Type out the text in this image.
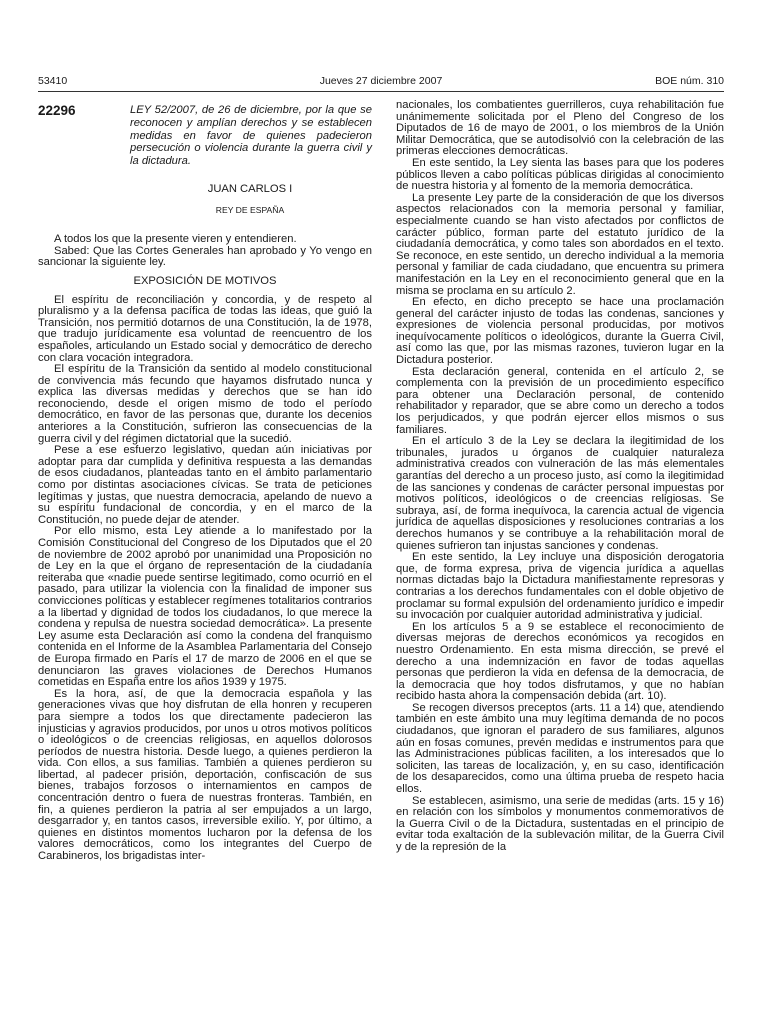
53410	Jueves 27 diciembre 2007	BOE núm. 310
22296	LEY 52/2007, de 26 de diciembre, por la que se reconocen y amplían derechos y se establecen medidas en favor de quienes padecieron persecución o violencia durante la guerra civil y la dictadura.
JUAN CARLOS I
REY DE ESPAÑA

A todos los que la presente vieren y entendieren.

Sabed: Que las Cortes Generales han aprobado y Yo vengo en sancionar la siguiente ley.

EXPOSICIÓN DE MOTIVOS

El espíritu de reconciliación y concordia, y de respeto al pluralismo y a la defensa pacífica de todas las ideas, que guió la Transición, nos permitió dotarnos de una Constitución, la de 1978, que tradujo jurídicamente esa voluntad de reencuentro de los españoles, articulando un Estado social y democrático de derecho con clara vocación integradora.

El espíritu de la Transición da sentido al modelo constitucional de convivencia más fecundo que hayamos disfrutado nunca y explica las diversas medidas y derechos que se han ido reconociendo, desde el origen mismo de todo el período democrático, en favor de las personas que, durante los decenios anteriores a la Constitución, sufrieron las consecuencias de la guerra civil y del régimen dictatorial que la sucedió.

Pese a ese esfuerzo legislativo, quedan aún iniciativas por adoptar para dar cumplida y definitiva respuesta a las demandas de esos ciudadanos, planteadas tanto en el ámbito parlamentario como por distintas asociaciones cívicas. Se trata de peticiones legítimas y justas, que nuestra democracia, apelando de nuevo a su espíritu fundacional de concordia, y en el marco de la Constitución, no puede dejar de atender.

Por ello mismo, esta Ley atiende a lo manifestado por la Comisión Constitucional del Congreso de los Diputados que el 20 de noviembre de 2002 aprobó por unanimidad una Proposición no de Ley en la que el órgano de representación de la ciudadanía reiteraba que «nadie puede sentirse legitimado, como ocurrió en el pasado, para utilizar la violencia con la finalidad de imponer sus convicciones políticas y establecer regímenes totalitarios contrarios a la libertad y dignidad de todos los ciudadanos, lo que merece la condena y repulsa de nuestra sociedad democrática». La presente Ley asume esta Declaración así como la condena del franquismo contenida en el Informe de la Asamblea Parlamentaria del Consejo de Europa firmado en París el 17 de marzo de 2006 en el que se denunciaron las graves violaciones de Derechos Humanos cometidas en España entre los años 1939 y 1975.

Es la hora, así, de que la democracia española y las generaciones vivas que hoy disfrutan de ella honren y recuperen para siempre a todos los que directamente padecieron las injusticias y agravios producidos, por unos u otros motivos políticos o ideológicos o de creencias religiosas, en aquellos dolorosos períodos de nuestra historia. Desde luego, a quienes perdieron la vida. Con ellos, a sus familias. También a quienes perdieron su libertad, al padecer prisión, deportación, confiscación de sus bienes, trabajos forzosos o internamientos en campos de concentración dentro o fuera de nuestras fronteras. También, en fin, a quienes perdieron la patria al ser empujados a un largo, desgarrador y, en tantos casos, irreversible exilio. Y, por último, a quienes en distintos momentos lucharon por la defensa de los valores democráticos, como los integrantes del Cuerpo de Carabineros, los brigadistas inter-

nacionales, los combatientes guerrilleros, cuya rehabilitación fue unánimemente solicitada por el Pleno del Congreso de los Diputados de 16 de mayo de 2001, o los miembros de la Unión Militar Democrática, que se autodisolvió con la celebración de las primeras elecciones democráticas.

En este sentido, la Ley sienta las bases para que los poderes públicos lleven a cabo políticas públicas dirigidas al conocimiento de nuestra historia y al fomento de la memoria democrática.

La presente Ley parte de la consideración de que los diversos aspectos relacionados con la memoria personal y familiar, especialmente cuando se han visto afectados por conflictos de carácter público, forman parte del estatuto jurídico de la ciudadanía democrática, y como tales son abordados en el texto. Se reconoce, en este sentido, un derecho individual a la memoria personal y familiar de cada ciudadano, que encuentra su primera manifestación en la Ley en el reconocimiento general que en la misma se proclama en su artículo 2.

En efecto, en dicho precepto se hace una proclamación general del carácter injusto de todas las condenas, sanciones y expresiones de violencia personal producidas, por motivos inequívocamente políticos o ideológicos, durante la Guerra Civil, así como las que, por las mismas razones, tuvieron lugar en la Dictadura posterior.

Esta declaración general, contenida en el artículo 2, se complementa con la previsión de un procedimiento específico para obtener una Declaración personal, de contenido rehabilitador y reparador, que se abre como un derecho a todos los perjudicados, y que podrán ejercer ellos mismos o sus familiares.

En el artículo 3 de la Ley se declara la ilegitimidad de los tribunales, jurados u órganos de cualquier naturaleza administrativa creados con vulneración de las más elementales garantías del derecho a un proceso justo, así como la ilegitimidad de las sanciones y condenas de carácter personal impuestas por motivos políticos, ideológicos o de creencias religiosas. Se subraya, así, de forma inequívoca, la carencia actual de vigencia jurídica de aquellas disposiciones y resoluciones contrarias a los derechos humanos y se contribuye a la rehabilitación moral de quienes sufrieron tan injustas sanciones y condenas.

En este sentido, la Ley incluye una disposición derogatoria que, de forma expresa, priva de vigencia jurídica a aquellas normas dictadas bajo la Dictadura manifiestamente represoras y contrarias a los derechos fundamentales con el doble objetivo de proclamar su formal expulsión del ordenamiento jurídico e impedir su invocación por cualquier autoridad administrativa y judicial.

En los artículos 5 a 9 se establece el reconocimiento de diversas mejoras de derechos económicos ya recogidos en nuestro Ordenamiento. En esta misma dirección, se prevé el derecho a una indemnización en favor de todas aquellas personas que perdieron la vida en defensa de la democracia, de la democracia que hoy todos disfrutamos, y que no habían recibido hasta ahora la compensación debida (art. 10).

Se recogen diversos preceptos (arts. 11 a 14) que, atendiendo también en este ámbito una muy legítima demanda de no pocos ciudadanos, que ignoran el paradero de sus familiares, algunos aún en fosas comunes, prevén medidas e instrumentos para que las Administraciones públicas faciliten, a los interesados que lo soliciten, las tareas de localización, y, en su caso, identificación de los desaparecidos, como una última prueba de respeto hacia ellos.

Se establecen, asimismo, una serie de medidas (arts. 15 y 16) en relación con los símbolos y monumentos conmemorativos de la Guerra Civil o de la Dictadura, sustentadas en el principio de evitar toda exaltación de la sublevación militar, de la Guerra Civil y de la represión de la
